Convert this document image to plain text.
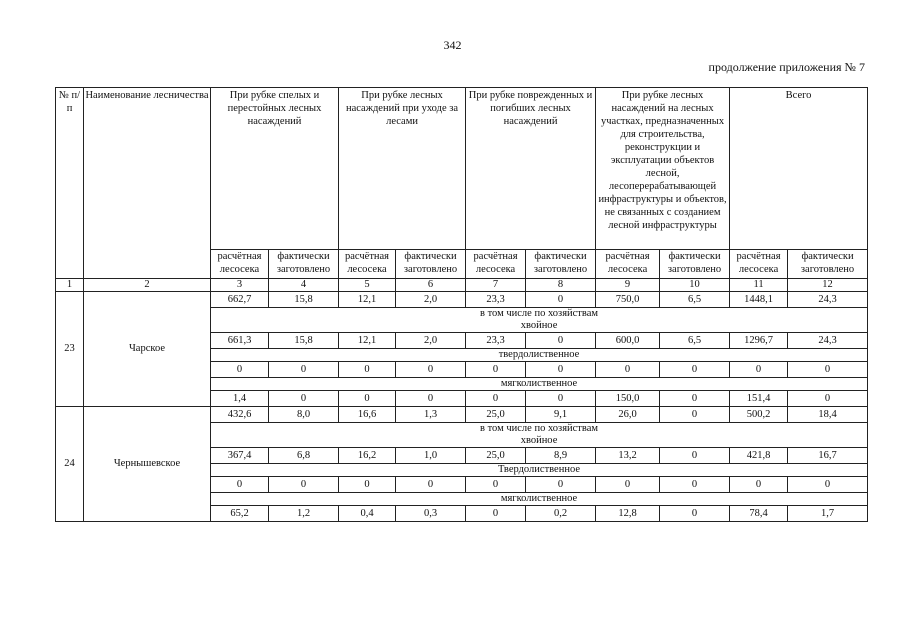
342
продолжение приложения № 7
№ п/п	Наименование лесничества	При рубке спелых и перестойных лесных насаждений		При рубке лесных насаждений при уходе за лесами		При рубке поврежденных и погибших лесных насаждений		При рубке лесных насаждений на лесных участках, предназначенных для строительства, реконструкции и эксплуатации объектов лесной, лесоперерабатывающей инфраструктуры и объектов, не связанных с созданием лесной инфраструктуры		Всего	
		расчётная лесосека	фактически заготовлено	расчётная лесосека	фактически заготовлено	расчётная лесосека	фактически заготовлено	расчётная лесосека	фактически заготовлено	расчётная лесосека	фактически заготовлено
1	2	3	4	5	6	7	8	9	10	11	12
23	Чарское	662,7	15,8	12,1	2,0	23,3	0	750,0	6,5	1448,1	24,3
		в том числе по хозяйствам									
		хвойное									
		661,3	15,8	12,1	2,0	23,3	0	600,0	6,5	1296,7	24,3
		твердолиственное									
		0	0	0	0	0	0	0	0	0	0
		мягколиственное									
		1,4	0	0	0	0	0	150,0	0	151,4	0
24	Чернышевское	432,6	8,0	16,6	1,3	25,0	9,1	26,0	0	500,2	18,4
		в том числе по хозяйствам									
		хвойное									
		367,4	6,8	16,2	1,0	25,0	8,9	13,2	0	421,8	16,7
		Твердолиственное									
		0	0	0	0	0	0	0	0	0	0
		мягколиственное									
		65,2	1,2	0,4	0,3	0	0,2	12,8	0	78,4	1,7
